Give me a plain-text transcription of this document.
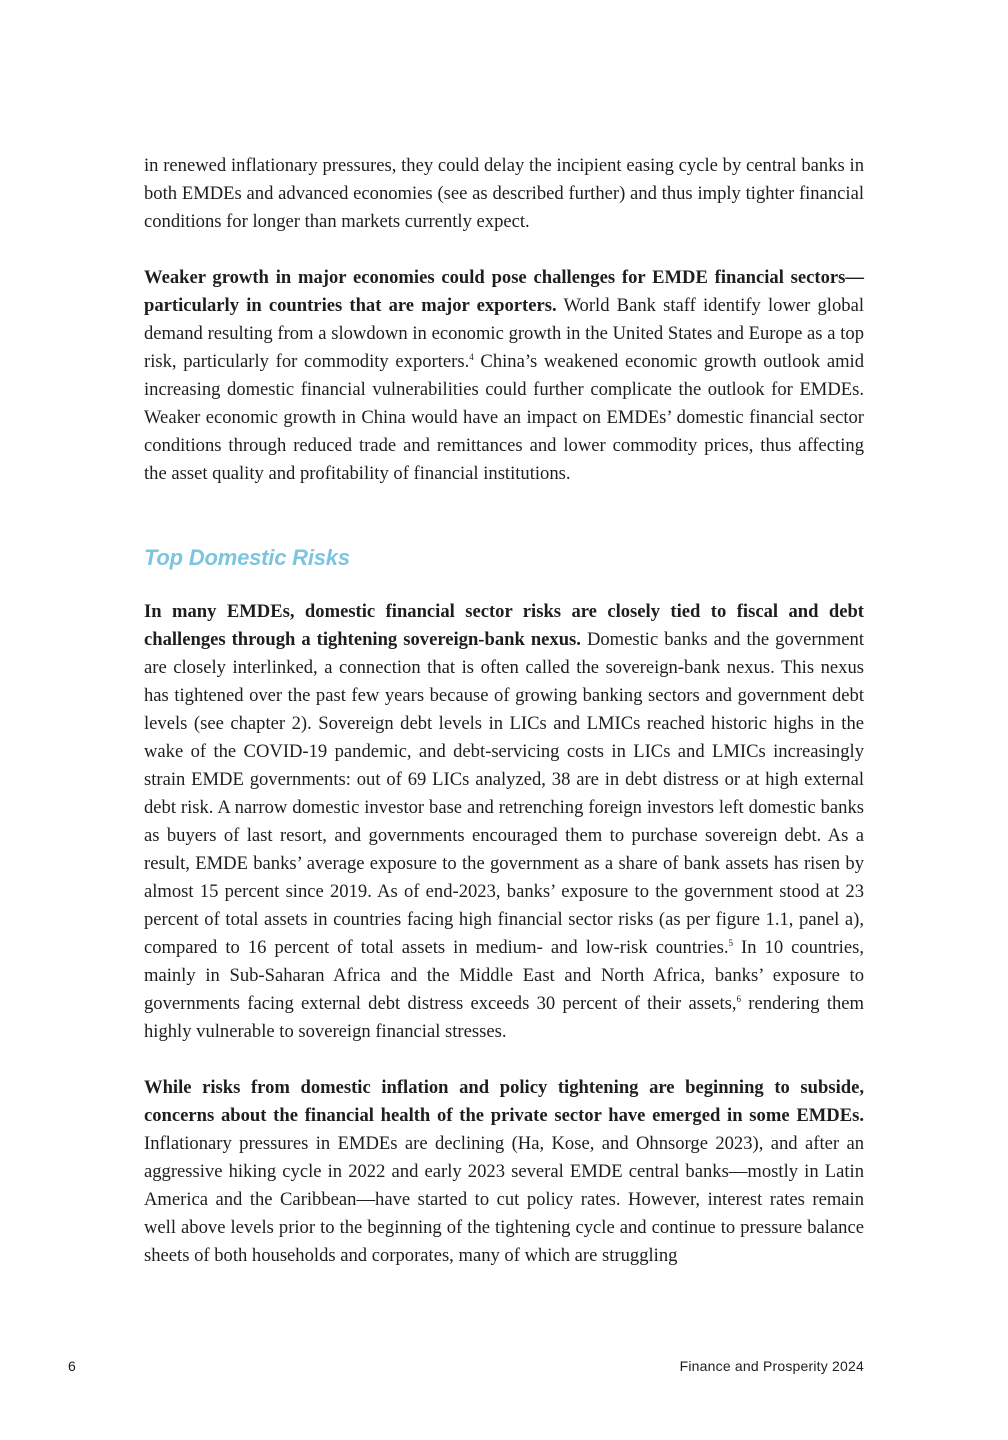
in renewed inflationary pressures, they could delay the incipient easing cycle by central banks in both EMDEs and advanced economies (see as described further) and thus imply tighter financial conditions for longer than markets currently expect.

Weaker growth in major economies could pose challenges for EMDE financial sectors—particularly in countries that are major exporters. World Bank staff identify lower global demand resulting from a slowdown in economic growth in the United States and Europe as a top risk, particularly for commodity exporters.$^4$ China’s weakened economic growth outlook amid increasing domestic financial vulnerabilities could further complicate the outlook for EMDEs. Weaker economic growth in China would have an impact on EMDEs’ domestic financial sector conditions through reduced trade and remittances and lower commodity prices, thus affecting the asset quality and profitability of financial institutions.

Top Domestic Risks

In many EMDEs, domestic financial sector risks are closely tied to fiscal and debt challenges through a tightening sovereign-bank nexus. Domestic banks and the government are closely interlinked, a connection that is often called the sovereign-bank nexus. This nexus has tightened over the past few years because of growing banking sectors and government debt levels (see chapter 2). Sovereign debt levels in LICs and LMICs reached historic highs in the wake of the COVID-19 pandemic, and debt-servicing costs in LICs and LMICs increasingly strain EMDE governments: out of 69 LICs analyzed, 38 are in debt distress or at high external debt risk. A narrow domestic investor base and retrenching foreign investors left domestic banks as buyers of last resort, and governments encouraged them to purchase sovereign debt. As a result, EMDE banks’ average exposure to the government as a share of bank assets has risen by almost 15 percent since 2019. As of end-2023, banks’ exposure to the government stood at 23 percent of total assets in countries facing high financial sector risks (as per figure 1.1, panel a), compared to 16 percent of total assets in medium- and low-risk countries.$^5$ In 10 countries, mainly in Sub-Saharan Africa and the Middle East and North Africa, banks’ exposure to governments facing external debt distress exceeds 30 percent of their assets,$^6$ rendering them highly vulnerable to sovereign financial stresses.

While risks from domestic inflation and policy tightening are beginning to subside, concerns about the financial health of the private sector have emerged in some EMDEs. Inflationary pressures in EMDEs are declining (Ha, Kose, and Ohnsorge 2023), and after an aggressive hiking cycle in 2022 and early 2023 several EMDE central banks—mostly in Latin America and the Caribbean—have started to cut policy rates. However, interest rates remain well above levels prior to the beginning of the tightening cycle and continue to pressure balance sheets of both households and corporates, many of which are struggling

6	Finance and Prosperity 2024
